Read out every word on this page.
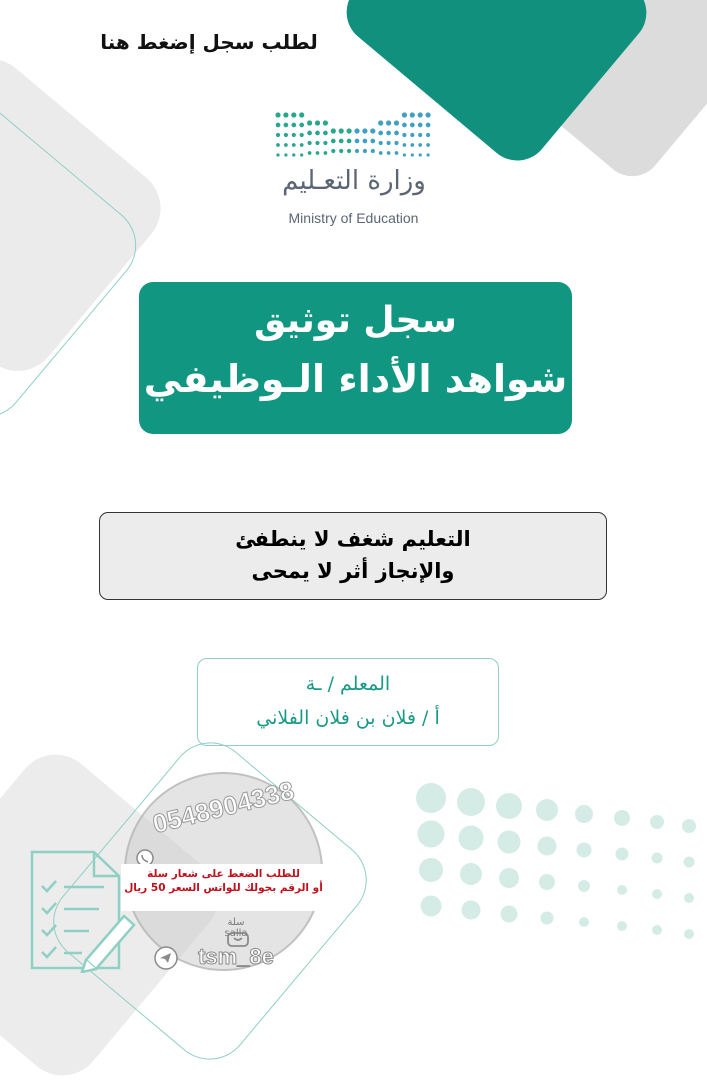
لطلب سجل إضغط هنا
وزارة التعـليم
Ministry of Education
سجل توثيق
شواهد الأداء الـوظيفي
التعليم شغف لا ينطفئ
والإنجاز أثر لا يمحى
المعلم / ـة
أ / فلان بن فلان الفلاني
0548904338
للطلب الضغط على شعار سلة
أو الرقم بجولك للواتس السعر 50 ريال
سلة salla
tsm_8e
